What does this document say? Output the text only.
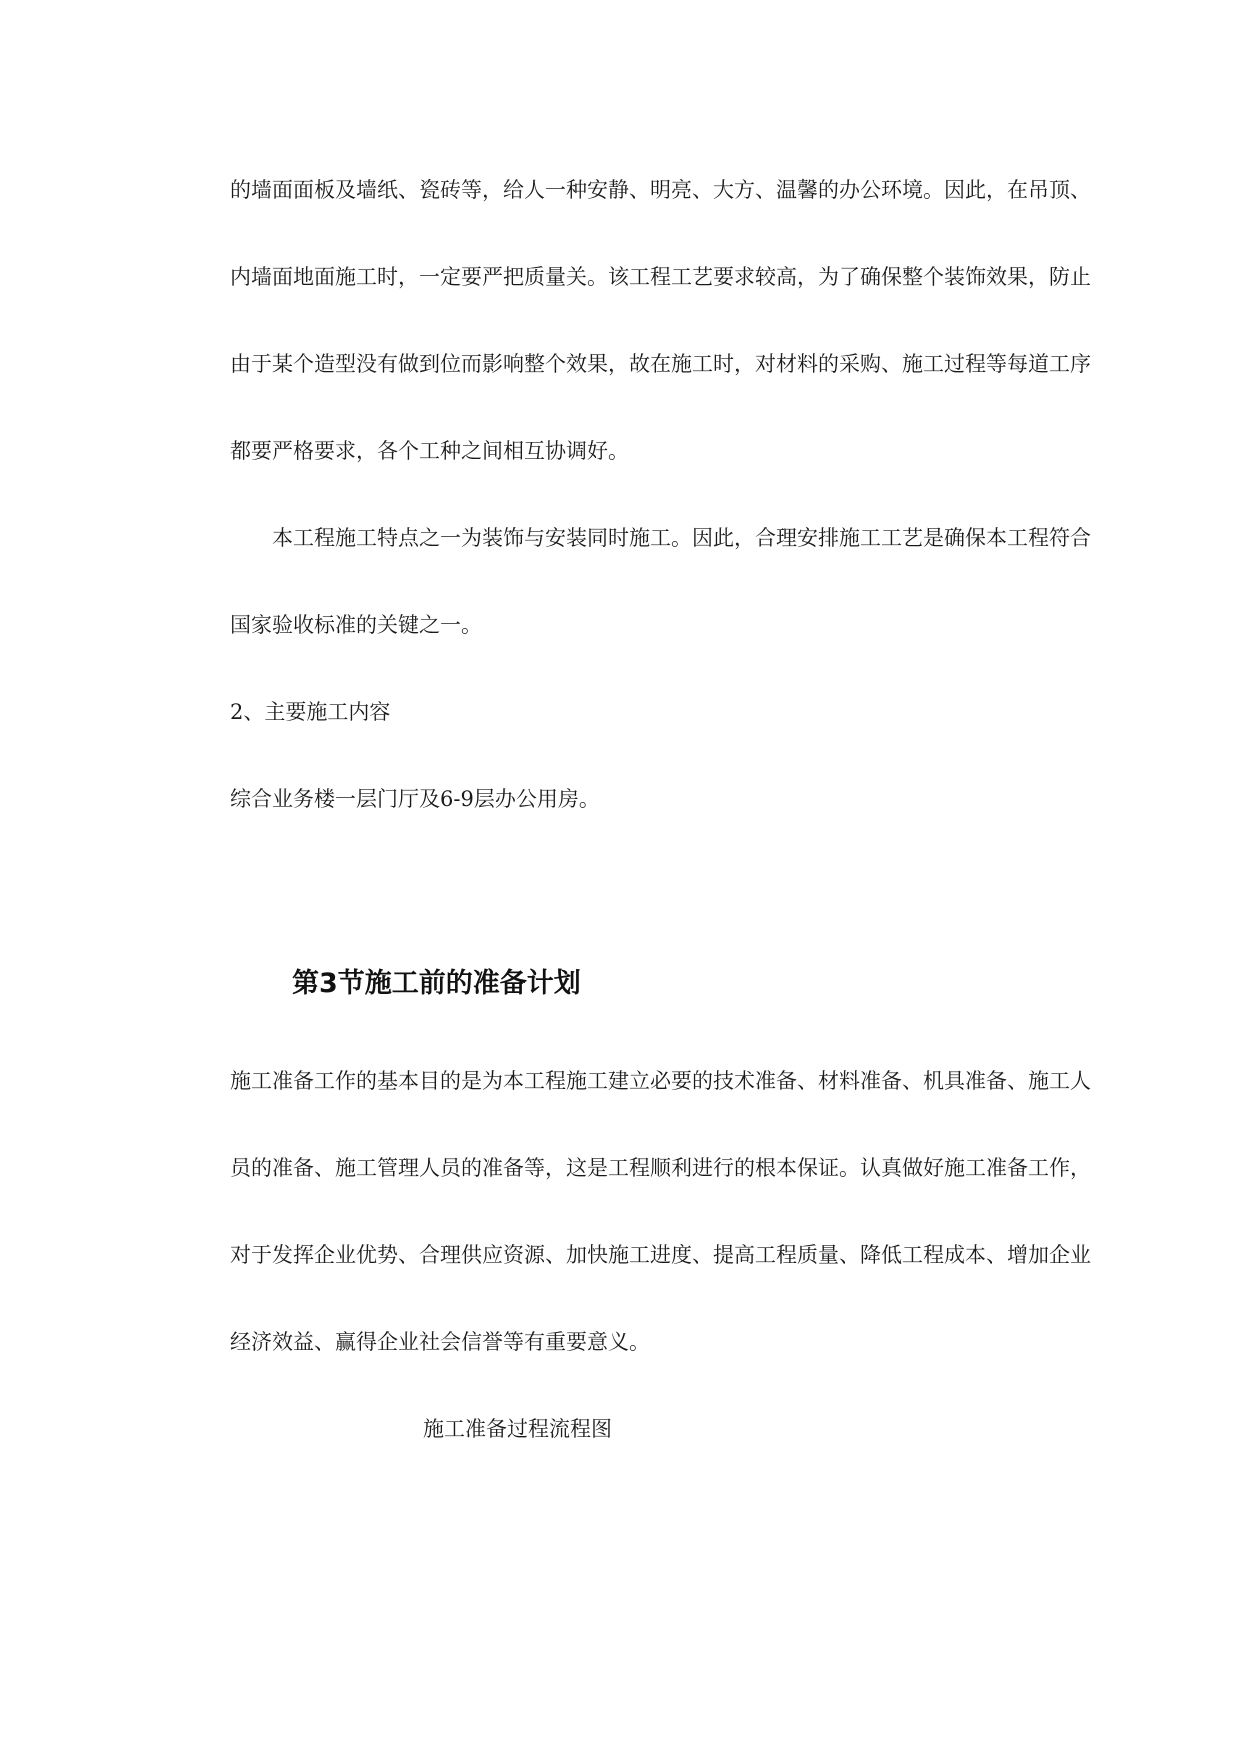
的墙面面板及墙纸、瓷砖等，给人一种安静、明亮、大方、温馨的办公环境。因此，在吊顶、
内墙面地面施工时，一定要严把质量关。该工程工艺要求较高，为了确保整个装饰效果，防止
由于某个造型没有做到位而影响整个效果，故在施工时，对材料的采购、施工过程等每道工序
都要严格要求，各个工种之间相互协调好。
本工程施工特点之一为装饰与安装同时施工。因此，合理安排施工工艺是确保本工程符合
国家验收标准的关键之一。
2、主要施工内容
综合业务楼一层门厅及6-9层办公用房。
第3节施工前的准备计划
施工准备工作的基本目的是为本工程施工建立必要的技术准备、材料准备、机具准备、施工人
员的准备、施工管理人员的准备等，这是工程顺利进行的根本保证。认真做好施工准备工作，
对于发挥企业优势、合理供应资源、加快施工进度、提高工程质量、降低工程成本、增加企业
经济效益、赢得企业社会信誉等有重要意义。
施工准备过程流程图
